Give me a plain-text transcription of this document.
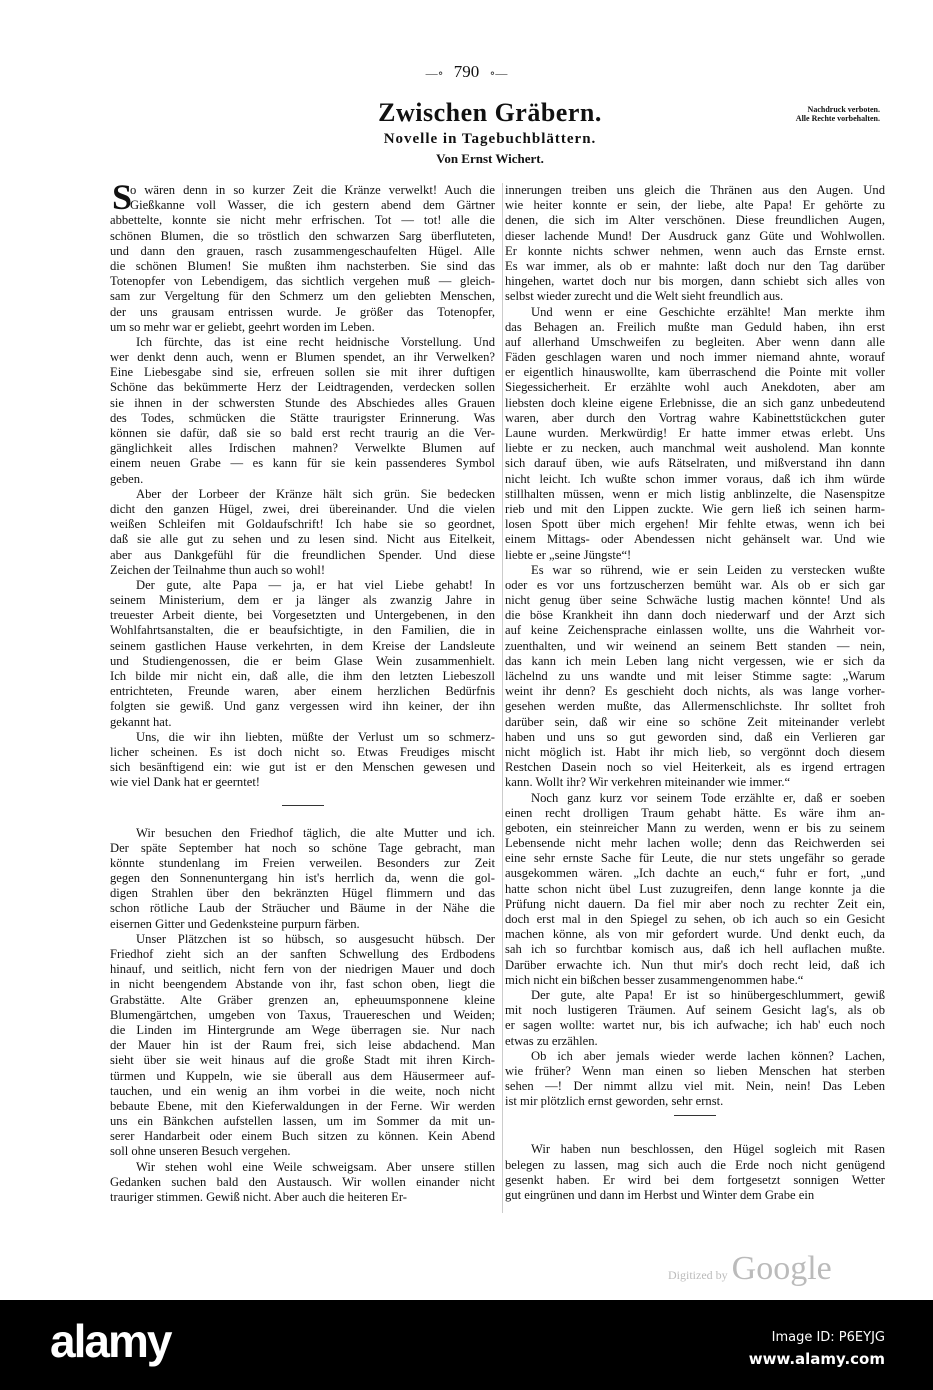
—∘ 790 ∘—
Zwischen Gräbern.
Novelle in Tagebuchblättern.
Von Ernst Wichert.
Nachdruck verboten.
Alle Rechte vorbehalten.
o wären denn in so kurzer Zeit die Kränze verwelkt! Auch die
Gießkanne voll Wasser, die ich gestern abend dem Gärtner
abbettelte, konnte sie nicht mehr erfrischen. Tot — tot! alle die
schönen Blumen, die so tröstlich den schwarzen Sarg überfluteten,
und dann den grauen, rasch zusammengeschaufelten Hügel. Alle
die schönen Blumen! Sie mußten ihm nachsterben. Sie sind das
Totenopfer von Lebendigem, das sichtlich vergehen muß — gleich-
sam zur Vergeltung für den Schmerz um den geliebten Menschen,
der uns grausam entrissen wurde. Je größer das Totenopfer,
um so mehr war er geliebt, geehrt worden im Leben.
S
Ich fürchte, das ist eine recht heidnische Vorstellung. Und
wer denkt denn auch, wenn er Blumen spendet, an ihr Verwelken?
Eine Liebesgabe sind sie, erfreuen sollen sie mit ihrer duftigen
Schöne das bekümmerte Herz der Leidtragenden, verdecken sollen
sie ihnen in der schwersten Stunde des Abschiedes alles Grauen
des Todes, schmücken die Stätte traurigster Erinnerung. Was
können sie dafür, daß sie so bald erst recht traurig an die Ver-
gänglichkeit alles Irdischen mahnen? Verwelkte Blumen auf
einem neuen Grabe — es kann für sie kein passenderes Symbol
geben.
Aber der Lorbeer der Kränze hält sich grün. Sie bedecken
dicht den ganzen Hügel, zwei, drei übereinander. Und die vielen
weißen Schleifen mit Goldaufschrift! Ich habe sie so geordnet,
daß sie alle gut zu sehen und zu lesen sind. Nicht aus Eitelkeit,
aber aus Dankgefühl für die freundlichen Spender. Und diese
Zeichen der Teilnahme thun auch so wohl!
Der gute, alte Papa — ja, er hat viel Liebe gehabt! In
seinem Ministerium, dem er ja länger als zwanzig Jahre in
treuester Arbeit diente, bei Vorgesetzten und Untergebenen, in den
Wohlfahrtsanstalten, die er beaufsichtigte, in den Familien, die in
seinem gastlichen Hause verkehrten, in dem Kreise der Landsleute
und Studiengenossen, die er beim Glase Wein zusammenhielt.
Ich bilde mir nicht ein, daß alle, die ihm den letzten Liebeszoll
entrichteten, Freunde waren, aber einem herzlichen Bedürfnis
folgten sie gewiß. Und ganz vergessen wird ihn keiner, der ihn
gekannt hat.
Uns, die wir ihn liebten, müßte der Verlust um so schmerz-
licher scheinen. Es ist doch nicht so. Etwas Freudiges mischt
sich besänftigend ein: wie gut ist er den Menschen gewesen und
wie viel Dank hat er geerntet!
Wir besuchen den Friedhof täglich, die alte Mutter und ich.
Der späte September hat noch so schöne Tage gebracht, man
könnte stundenlang im Freien verweilen. Besonders zur Zeit
gegen den Sonnenuntergang hin ist's herrlich da, wenn die gol-
digen Strahlen über den bekränzten Hügel flimmern und das
schon rötliche Laub der Sträucher und Bäume in der Nähe die
eisernen Gitter und Gedenksteine purpurn färben.
Unser Plätzchen ist so hübsch, so ausgesucht hübsch. Der
Friedhof zieht sich an der sanften Schwellung des Erdbodens
hinauf, und seitlich, nicht fern von der niedrigen Mauer und doch
in nicht beengendem Abstande von ihr, fast schon oben, liegt die
Grabstätte. Alte Gräber grenzen an, epheuumsponnene kleine
Blumengärtchen, umgeben von Taxus, Trauereschen und Weiden;
die Linden im Hintergrunde am Wege überragen sie. Nur nach
der Mauer hin ist der Raum frei, sich leise abdachend. Man
sieht über sie weit hinaus auf die große Stadt mit ihren Kirch-
türmen und Kuppeln, wie sie überall aus dem Häusermeer auf-
tauchen, und ein wenig an ihm vorbei in die weite, noch nicht
bebaute Ebene, mit den Kieferwaldungen in der Ferne. Wir werden
uns ein Bänkchen aufstellen lassen, um im Sommer da mit un-
serer Handarbeit oder einem Buch sitzen zu können. Kein Abend
soll ohne unseren Besuch vergehen.
Wir stehen wohl eine Weile schweigsam. Aber unsere stillen
Gedanken suchen bald den Austausch. Wir wollen einander nicht
trauriger stimmen. Gewiß nicht. Aber auch die heiteren Er-
innerungen treiben uns gleich die Thränen aus den Augen. Und
wie heiter konnte er sein, der liebe, alte Papa! Er gehörte zu
denen, die sich im Alter verschönen. Diese freundlichen Augen,
dieser lachende Mund! Der Ausdruck ganz Güte und Wohlwollen.
Er konnte nichts schwer nehmen, wenn auch das Ernste ernst.
Es war immer, als ob er mahnte: laßt doch nur den Tag darüber
hingehen, wartet doch nur bis morgen, dann schiebt sich alles von
selbst wieder zurecht und die Welt sieht freundlich aus.
Und wenn er eine Geschichte erzählte! Man merkte ihm
das Behagen an. Freilich mußte man Geduld haben, ihn erst
auf allerhand Umschweifen zu begleiten. Aber wenn dann alle
Fäden geschlagen waren und noch immer niemand ahnte, worauf
er eigentlich hinauswollte, kam überraschend die Pointe mit voller
Siegessicherheit. Er erzählte wohl auch Anekdoten, aber am
liebsten doch kleine eigene Erlebnisse, die an sich ganz unbedeutend
waren, aber durch den Vortrag wahre Kabinettstückchen guter
Laune wurden. Merkwürdig! Er hatte immer etwas erlebt. Uns
liebte er zu necken, auch manchmal weit ausholend. Man konnte
sich darauf üben, wie aufs Rätselraten, und mißverstand ihn dann
nicht leicht. Ich wußte schon immer voraus, daß ich ihm würde
stillhalten müssen, wenn er mich listig anblinzelte, die Nasenspitze
rieb und mit den Lippen zuckte. Wie gern ließ ich seinen harm-
losen Spott über mich ergehen! Mir fehlte etwas, wenn ich bei
einem Mittags- oder Abendessen nicht gehänselt war. Und wie
liebte er „seine Jüngste“!
Es war so rührend, wie er sein Leiden zu verstecken wußte
oder es vor uns fortzuscherzen bemüht war. Als ob er sich gar
nicht genug über seine Schwäche lustig machen könnte! Und als
die böse Krankheit ihn dann doch niederwarf und der Arzt sich
auf keine Zeichensprache einlassen wollte, uns die Wahrheit vor-
zuenthalten, und wir weinend an seinem Bett standen — nein,
das kann ich mein Leben lang nicht vergessen, wie er sich da
lächelnd zu uns wandte und mit leiser Stimme sagte: „Warum
weint ihr denn? Es geschieht doch nichts, als was lange vorher-
gesehen werden mußte, das Allermenschlichste. Ihr solltet froh
darüber sein, daß wir eine so schöne Zeit miteinander verlebt
haben und uns so gut geworden sind, daß ein Verlieren gar
nicht möglich ist. Habt ihr mich lieb, so vergönnt doch diesem
Restchen Dasein noch so viel Heiterkeit, als es irgend ertragen
kann. Wollt ihr? Wir verkehren miteinander wie immer.“
Noch ganz kurz vor seinem Tode erzählte er, daß er soeben
einen recht drolligen Traum gehabt hätte. Es wäre ihm an-
geboten, ein steinreicher Mann zu werden, wenn er bis zu seinem
Lebensende nicht mehr lachen wolle; denn das Reichwerden sei
eine sehr ernste Sache für Leute, die nur stets ungefähr so gerade
ausgekommen wären. „Ich dachte an euch,“ fuhr er fort, „und
hatte schon nicht übel Lust zuzugreifen, denn lange konnte ja die
Prüfung nicht dauern. Da fiel mir aber noch zu rechter Zeit ein,
doch erst mal in den Spiegel zu sehen, ob ich auch so ein Gesicht
machen könne, als von mir gefordert wurde. Und denkt euch, da
sah ich so furchtbar komisch aus, daß ich hell auflachen mußte.
Darüber erwachte ich. Nun thut mir's doch recht leid, daß ich
mich nicht ein bißchen besser zusammengenommen habe.“
Der gute, alte Papa! Er ist so hinübergeschlummert, gewiß
mit noch lustigeren Träumen. Auf seinem Gesicht lag's, als ob
er sagen wollte: wartet nur, bis ich aufwache; ich hab' euch noch
etwas zu erzählen.
Ob ich aber jemals wieder werde lachen können? Lachen,
wie früher? Wenn man einen so lieben Menschen hat sterben
sehen —! Der nimmt allzu viel mit. Nein, nein! Das Leben
ist mir plötzlich ernst geworden, sehr ernst.
Wir haben nun beschlossen, den Hügel sogleich mit Rasen
belegen zu lassen, mag sich auch die Erde noch nicht genügend
gesenkt haben. Er wird bei dem fortgesetzt sonnigen Wetter
gut eingrünen und dann im Herbst und Winter dem Grabe ein
Digitized by Google
alamy	Image ID: P6EYJG
www.alamy.com
